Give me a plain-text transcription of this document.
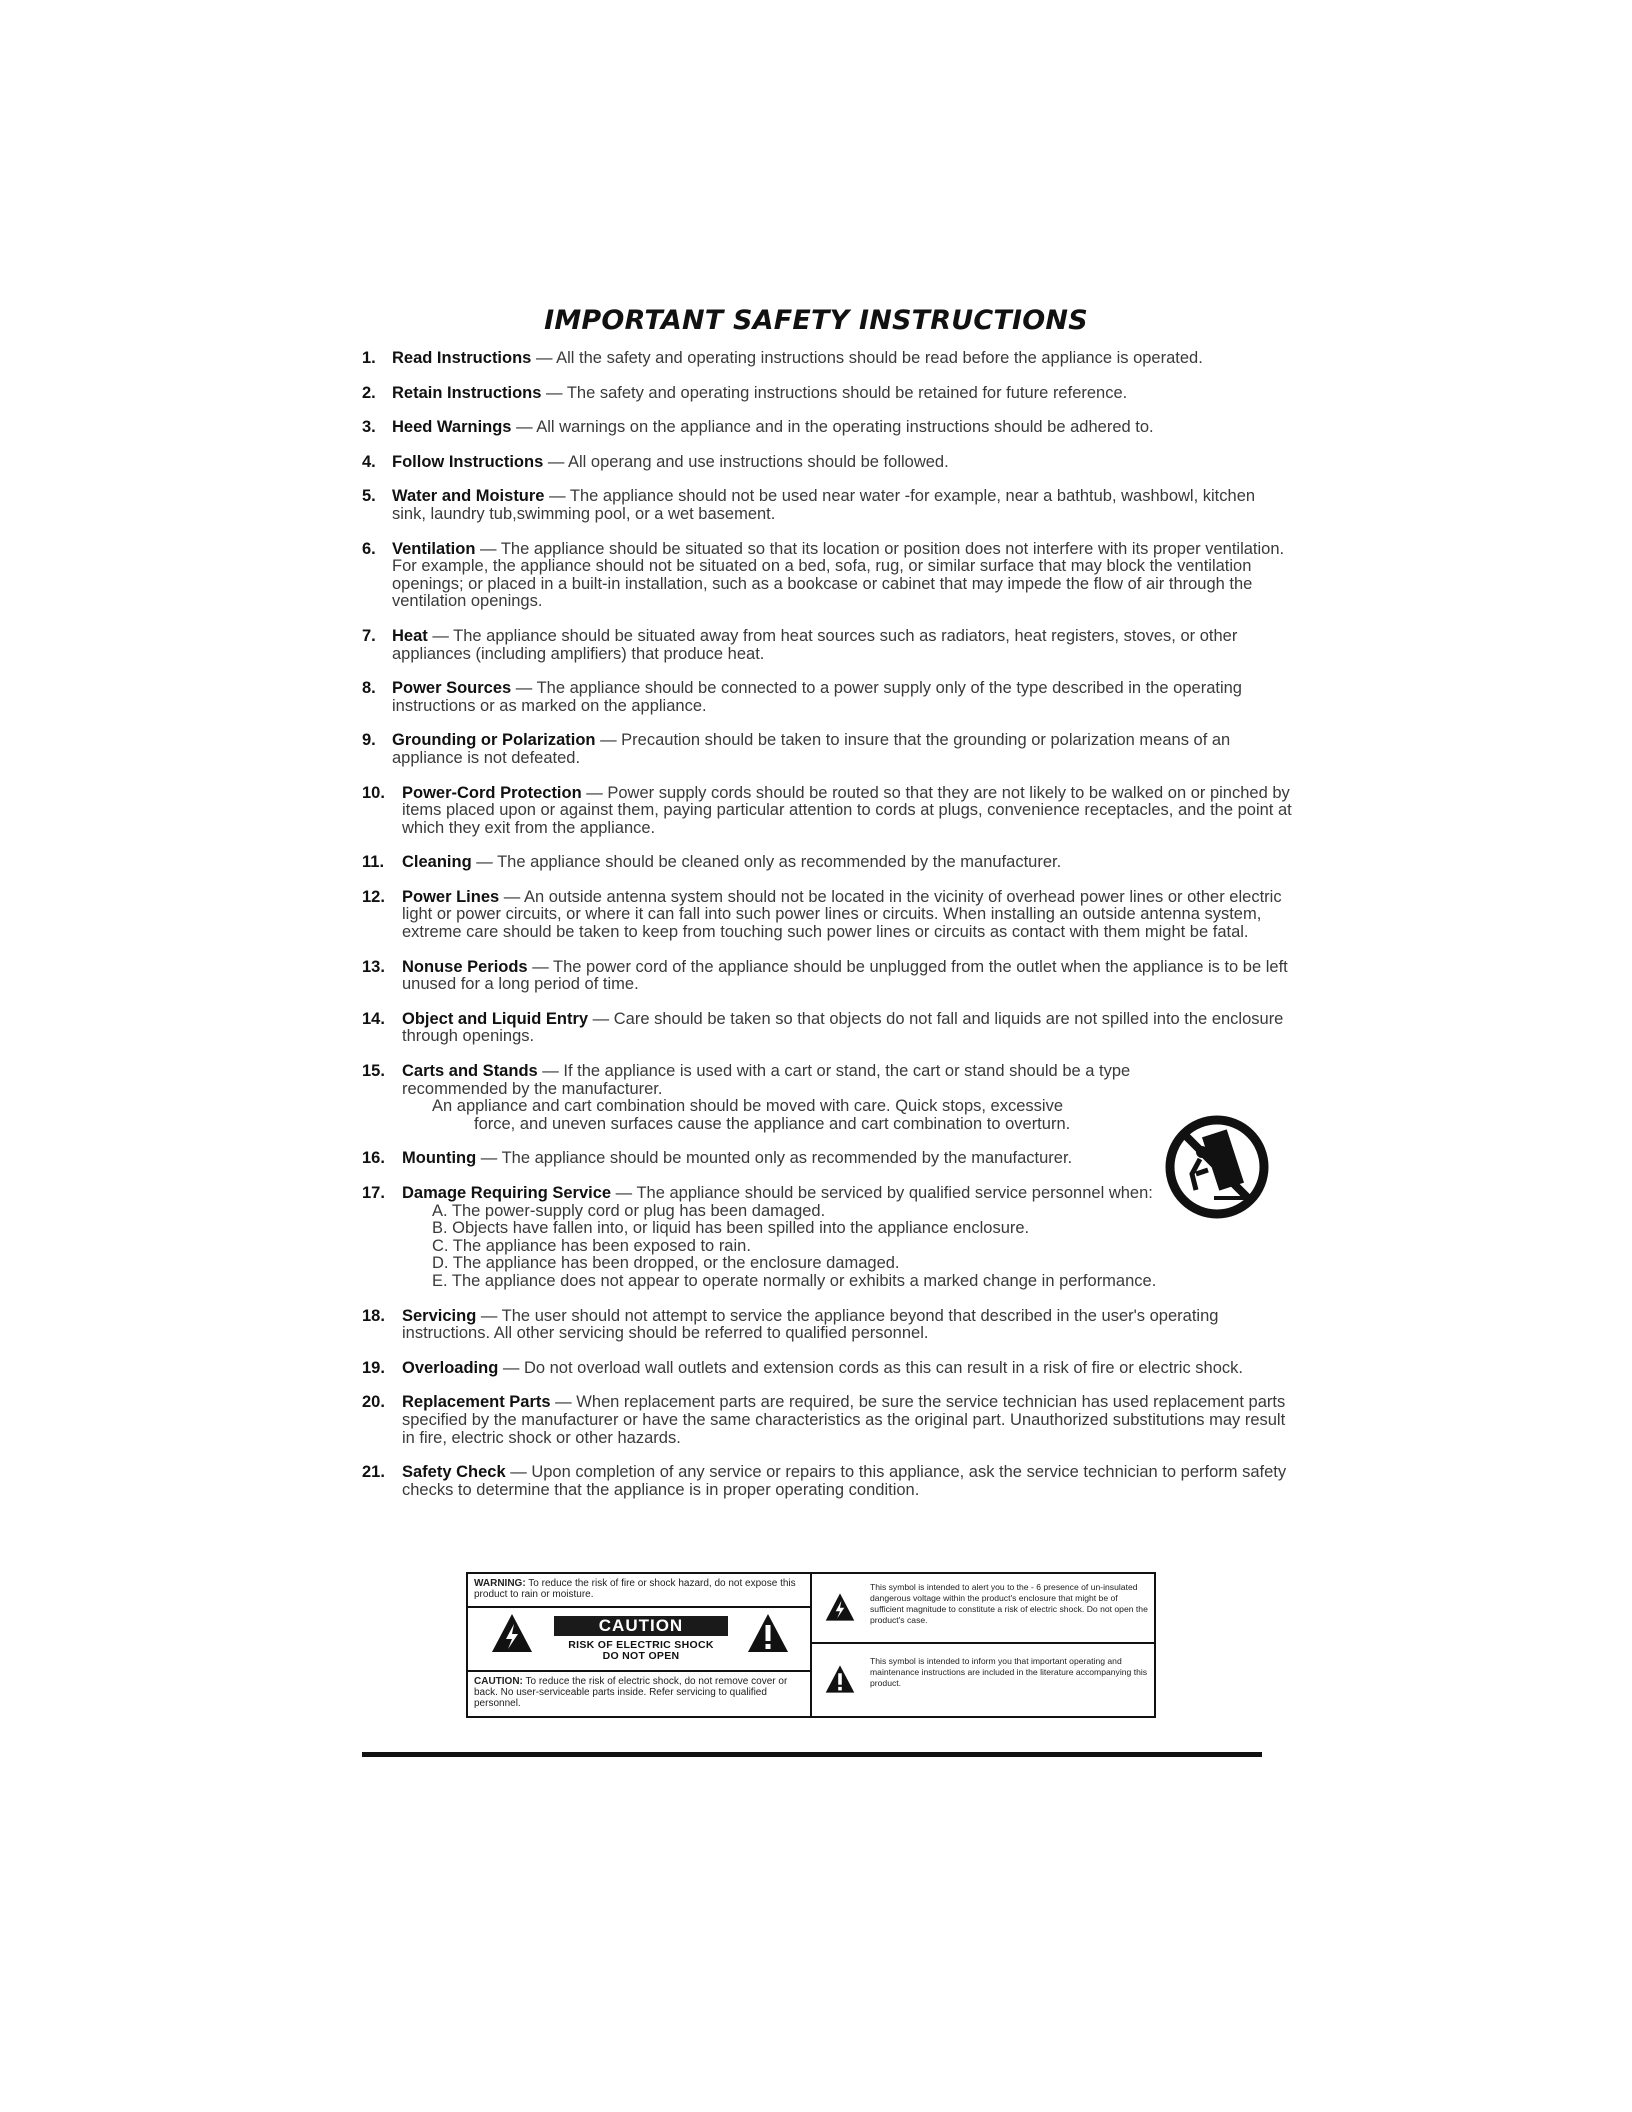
IMPORTANT SAFETY INSTRUCTIONS
1. Read Instructions — All the safety and operating instructions should be read before the appliance is operated.
2. Retain Instructions — The safety and operating instructions should be retained for future reference.
3. Heed Warnings — All warnings on the appliance and in the operating instructions should be adhered to.
4. Follow Instructions — All operang and use instructions should be followed.
5. Water and Moisture — The appliance should not be used near water -for example, near a bathtub, washbowl, kitchen sink, laundry tub,swimming pool, or a wet basement.
6. Ventilation — The appliance should be situated so that its location or position does not interfere with its proper ventilation. For example, the appliance should not be situated on a bed, sofa, rug, or similar surface that may block the ventilation openings; or placed in a built-in installation, such as a bookcase or cabinet that may impede the flow of air through the ventilation openings.
7. Heat — The appliance should be situated away from heat sources such as radiators, heat registers, stoves, or other appliances (including amplifiers) that produce heat.
8. Power Sources — The appliance should be connected to a power supply only of the type described in the operating instructions or as marked on the appliance.
9. Grounding or Polarization — Precaution should be taken to insure that the grounding or polarization means of an appliance is not defeated.
10. Power-Cord Protection — Power supply cords should be routed so that they are not likely to be walked on or pinched by items placed upon or against them, paying particular attention to cords at plugs, convenience receptacles, and the point at which they exit from the appliance.
11. Cleaning — The appliance should be cleaned only as recommended by the manufacturer.
12. Power Lines — An outside antenna system should not be located in the vicinity of overhead power lines or other electric light or power circuits, or where it can fall into such power lines or circuits. When installing an outside antenna system, extreme care should be taken to keep from touching such power lines or circuits as contact with them might be fatal.
13. Nonuse Periods — The power cord of the appliance should be unplugged from the outlet when the appliance is to be left unused for a long period of time.
14. Object and Liquid Entry — Care should be taken so that objects do not fall and liquids are not spilled into the enclosure through openings.
15. Carts and Stands — If the appliance is used with a cart or stand, the cart or stand should be a type recommended by the manufacturer.
An appliance and cart combination should be moved with care. Quick stops, excessive
force, and uneven surfaces cause the appliance and cart combination to overturn.
16. Mounting — The appliance should be mounted only as recommended by the manufacturer.
17. Damage Requiring Service — The appliance should be serviced by qualified service personnel when:
A. The power-supply cord or plug has been damaged.
B. Objects have fallen into, or liquid has been spilled into the appliance enclosure.
C. The appliance has been exposed to rain.
D. The appliance has been dropped, or the enclosure damaged.
E. The appliance does not appear to operate normally or exhibits a marked change in performance.
18. Servicing — The user should not attempt to service the appliance beyond that described in the user's operating instructions. All other servicing should be referred to qualified personnel.
19. Overloading — Do not overload wall outlets and extension cords as this can result in a risk of fire or electric shock.
20. Replacement Parts — When replacement parts are required, be sure the service technician has used replacement parts specified by the manufacturer or have the same characteristics as the original part. Unauthorized substitutions may result in fire, electric shock or other hazards.
21. Safety Check — Upon completion of any service or repairs to this appliance, ask the service technician to perform safety checks to determine that the appliance is in proper operating condition.
WARNING: To reduce the risk of fire or shock hazard, do not expose this product to rain or moisture.
CAUTION
RISK OF ELECTRIC SHOCK
DO NOT OPEN
CAUTION: To reduce the risk of electric shock, do not remove cover or back. No user-serviceable parts inside. Refer servicing to qualified personnel.
This symbol is intended to alert you to the - 6 presence of un-insulated dangerous voltage within the product's enclosure that might be of sufficient magnitude to constitute a risk of electric shock. Do not open the product's case.
This symbol is intended to inform you that important operating and maintenance instructions are included in the literature accompanying this product.
